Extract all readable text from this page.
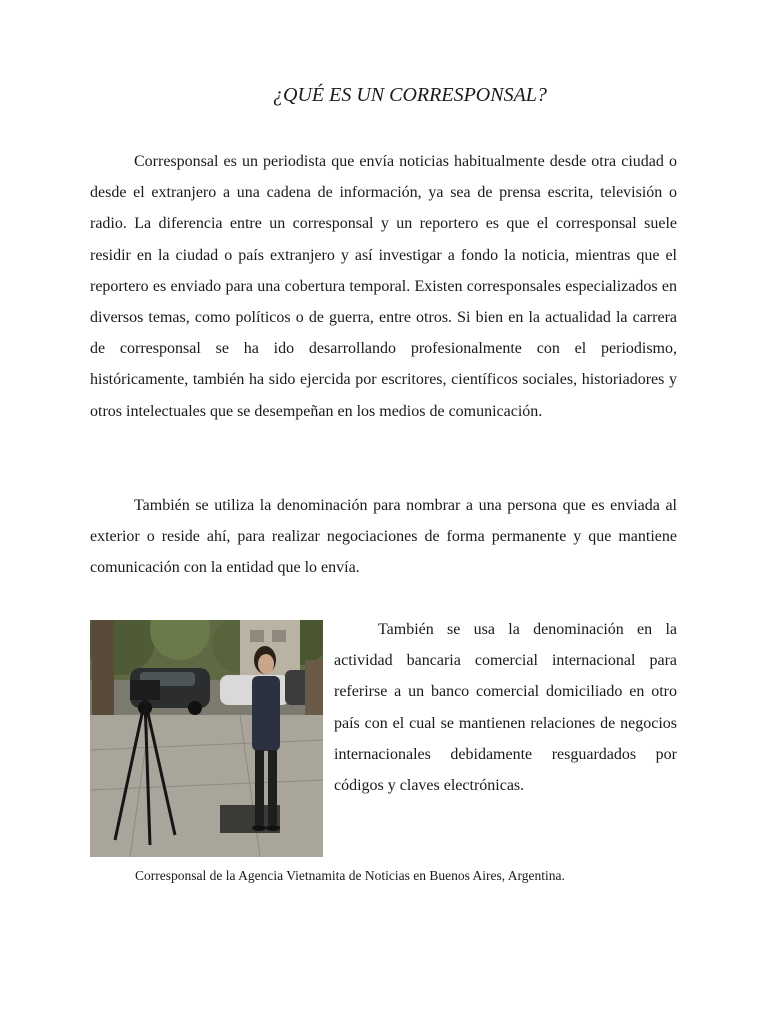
¿QUÉ ES UN CORRESPONSAL?

Corresponsal es un periodista que envía noticias habitualmente desde otra ciudad o desde el extranjero a una cadena de información, ya sea de prensa escrita, televisión o radio. La diferencia entre un corresponsal y un reportero es que el corresponsal suele residir en la ciudad o país extranjero y así investigar a fondo la noticia, mientras que el reportero es enviado para una cobertura temporal. Existen corresponsales especializados en diversos temas, como políticos o de guerra, entre otros. Si bien en la actualidad la carrera de corresponsal se ha ido desarrollando profesionalmente con el periodismo, históricamente, también ha sido ejercida por escritores, científicos sociales, historiadores y otros intelectuales que se desempeñan en los medios de comunicación.

También se utiliza la denominación para nombrar a una persona que es enviada al exterior o reside ahí, para realizar negociaciones de forma permanente y que mantiene comunicación con la entidad que lo envía.

También se usa la denominación en la actividad bancaria comercial internacional para referirse a un banco comercial domiciliado en otro país con el cual se mantienen relaciones de negocios internacionales debidamente resguardados por códigos y claves electrónicas.

Corresponsal de la Agencia Vietnamita de Noticias en Buenos Aires, Argentina.
